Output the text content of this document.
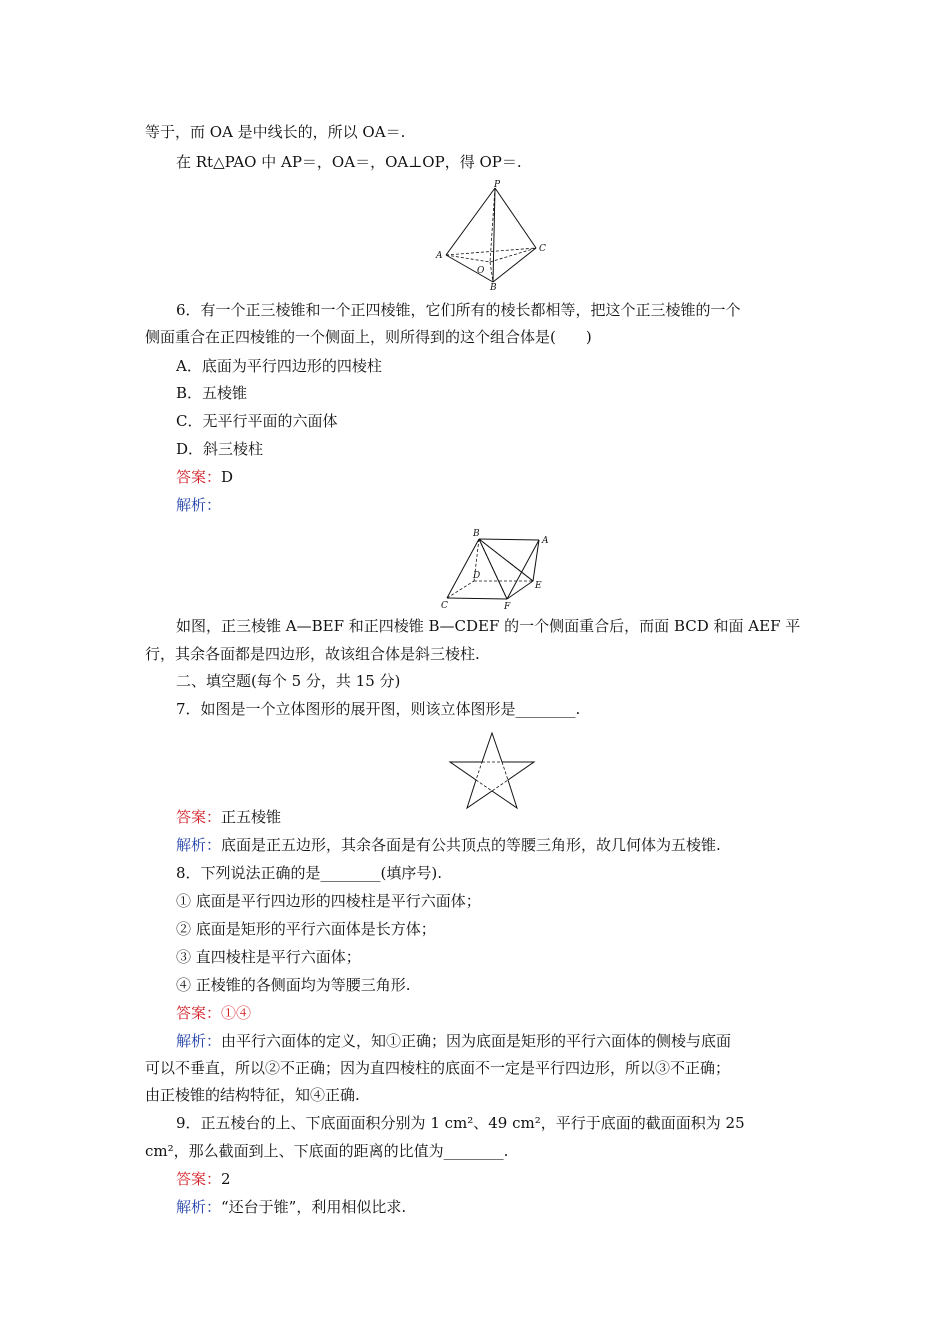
等于，而 OA 是中线长的，所以 OA＝.
在 Rt△PAO 中 AP＝，OA＝，OA⊥OP，得 OP＝.
P
A
C
O
B
6．有一个正三棱锥和一个正四棱锥，它们所有的棱长都相等，把这个正三棱锥的一个
侧面重合在正四棱锥的一个侧面上，则所得到的这个组合体是(　　)
A．底面为平行四边形的四棱柱
B．五棱锥
C．无平行平面的六面体
D．斜三棱柱
答案：D
解析：
B
A
D
E
C	F
如图，正三棱锥 A—BEF 和正四棱锥 B—CDEF 的一个侧面重合后，而面 BCD 和面 AEF 平
行，其余各面都是四边形，故该组合体是斜三棱柱.
二、填空题(每个 5 分，共 15 分)
7．如图是一个立体图形的展开图，则该立体图形是________.
答案：正五棱锥
解析：底面是正五边形，其余各面是有公共顶点的等腰三角形，故几何体为五棱锥.
8．下列说法正确的是________(填序号).
① 底面是平行四边形的四棱柱是平行六面体；
② 底面是矩形的平行六面体是长方体；
③ 直四棱柱是平行六面体；
④ 正棱锥的各侧面均为等腰三角形.
答案：①④
解析：由平行六面体的定义，知①正确；因为底面是矩形的平行六面体的侧棱与底面
可以不垂直，所以②不正确；因为直四棱柱的底面不一定是平行四边形，所以③不正确；
由正棱锥的结构特征，知④正确.
9．正五棱台的上、下底面面积分别为 1 cm²、49 cm²，平行于底面的截面面积为 25
cm²，那么截面到上、下底面的距离的比值为________.
答案：2
解析：“还台于锥”，利用相似比求.
